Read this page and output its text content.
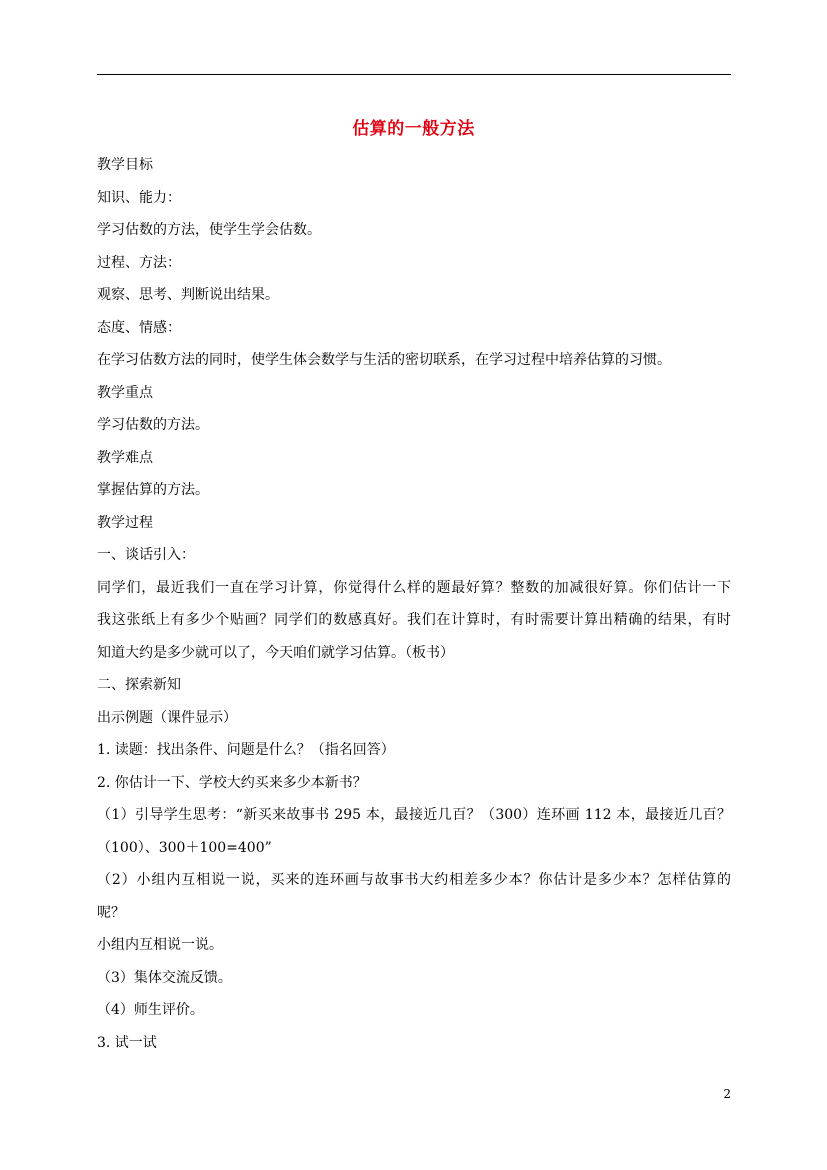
估算的一般方法
教学目标
知识、能力：
学习估数的方法，使学生学会估数。
过程、方法：
观察、思考、判断说出结果。
态度、情感：
在学习估数方法的同时，使学生体会数学与生活的密切联系，在学习过程中培养估算的习惯。
教学重点
学习估数的方法。
教学难点
掌握估算的方法。
教学过程
一、谈话引入：
同学们，最近我们一直在学习计算，你觉得什么样的题最好算？整数的加减很好算。你们估计一下
我这张纸上有多少个贴画？同学们的数感真好。我们在计算时，有时需要计算出精确的结果，有时
知道大约是多少就可以了，今天咱们就学习估算。（板书）
二、探索新知
出示例题（课件显示）
1. 读题：找出条件、问题是什么？（指名回答）
2. 你估计一下、学校大约买来多少本新书？
（1）引导学生思考：“新买来故事书 295 本，最接近几百？（300）连环画 112 本，最接近几百？
（100）、300＋100=400”
（2）小组内互相说一说，买来的连环画与故事书大约相差多少本？你估计是多少本？怎样估算的
呢？
小组内互相说一说。
（3）集体交流反馈。
（4）师生评价。
3. 试一试
2
